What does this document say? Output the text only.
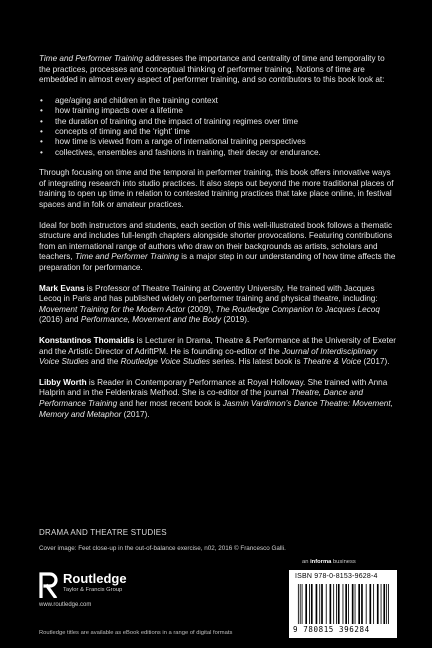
Time and Performer Training addresses the importance and centrality of time and temporality to the practices, processes and conceptual thinking of performer training. Notions of time are embedded in almost every aspect of performer training, and so contributors to this book look at:

• age/aging and children in the training context
• how training impacts over a lifetime
• the duration of training and the impact of training regimes over time
• concepts of timing and the ‘right’ time
• how time is viewed from a range of international training perspectives
• collectives, ensembles and fashions in training, their decay or endurance.

Through focusing on time and the temporal in performer training, this book offers innovative ways of integrating research into studio practices. It also steps out beyond the more traditional places of training to open up time in relation to contested training practices that take place online, in festival spaces and in folk or amateur practices.

Ideal for both instructors and students, each section of this well-illustrated book follows a thematic structure and includes full-length chapters alongside shorter provocations. Featuring contributions from an international range of authors who draw on their backgrounds as artists, scholars and teachers, Time and Performer Training is a major step in our understanding of how time affects the preparation for performance.

Mark Evans is Professor of Theatre Training at Coventry University. He trained with Jacques Lecoq in Paris and has published widely on performer training and physical theatre, including: Movement Training for the Modern Actor (2009), The Routledge Companion to Jacques Lecoq (2016) and Performance, Movement and the Body (2019).

Konstantinos Thomaidis is Lecturer in Drama, Theatre & Performance at the University of Exeter and the Artistic Director of AdriftPM. He is founding co-editor of the Journal of Interdisciplinary Voice Studies and the Routledge Voice Studies series. His latest book is Theatre & Voice (2017).

Libby Worth is Reader in Contemporary Performance at Royal Holloway. She trained with Anna Halprin and in the Feldenkrais Method. She is co-editor of the journal Theatre, Dance and Performance Training and her most recent book is Jasmin Vardimon’s Dance Theatre: Movement, Memory and Metaphor (2017).

DRAMA AND THEATRE STUDIES
Cover image: Feet close-up in the out-of-balance exercise, n02, 2016 © Francesco Galli.
Routledge
Taylor & Francis Group
www.routledge.com
Routledge titles are available as eBook editions in a range of digital formats
an informa business
ISBN 978-0-8153-9628-4
9 780815 396284
